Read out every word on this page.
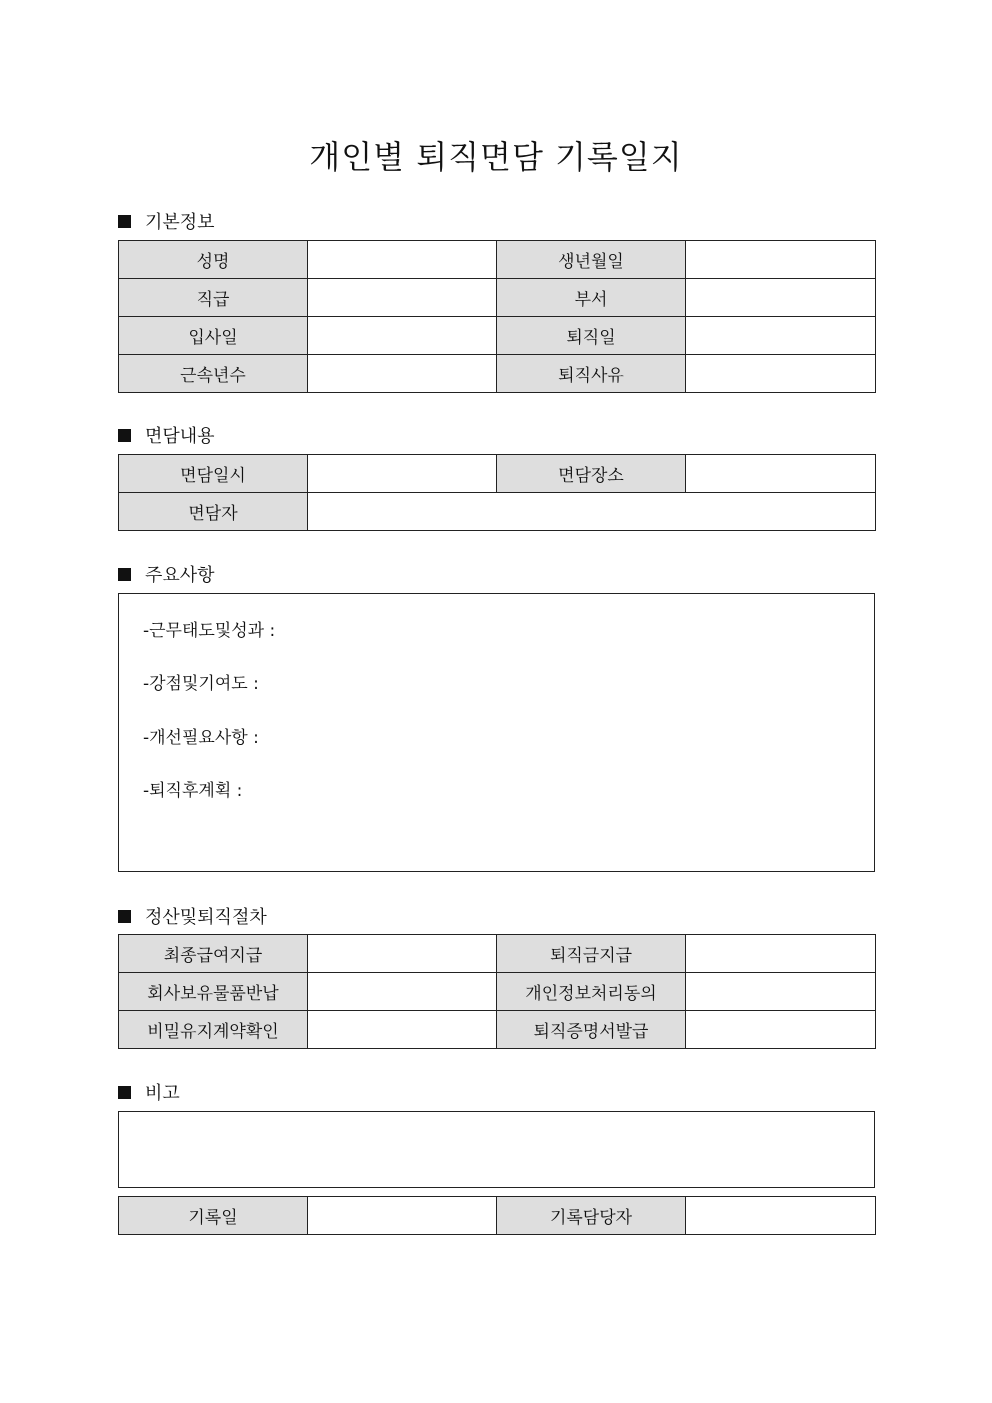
개인별 퇴직면담 기록일지
기본정보
성명		생년월일	
직급		부서	
입사일		퇴직일	
근속년수		퇴직사유	
면담내용
면담일시		면담장소	
면담자			
주요사항
-근무태도및성과 :
-강점및기여도 :
-개선필요사항 :
-퇴직후계획 :
정산및퇴직절차
최종급여지급		퇴직금지급	
회사보유물품반납		개인정보처리동의	
비밀유지계약확인		퇴직증명서발급	
비고
기록일		기록담당자	
